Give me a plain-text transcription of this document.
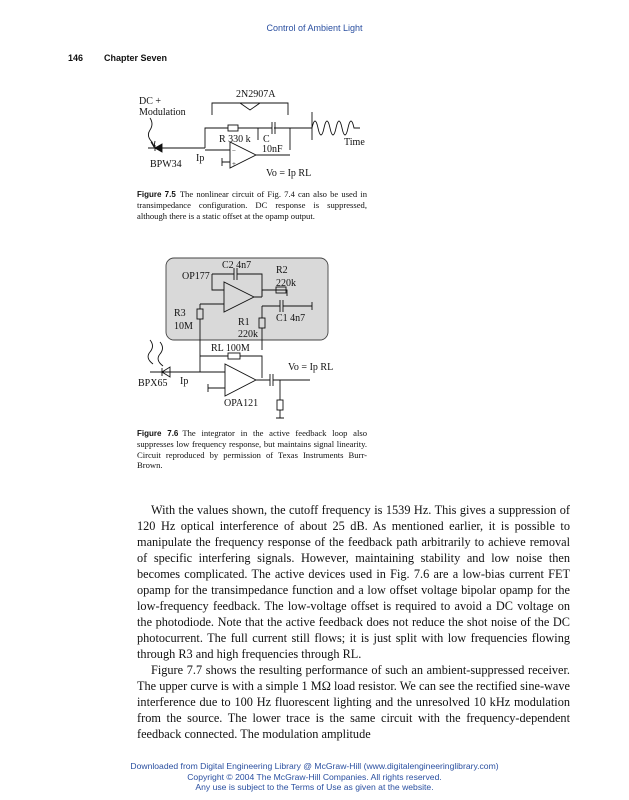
Control of Ambient Light
146 Chapter Seven
DC +
Modulation
BPW34
Ip
2N2907A
R 330 k C
10nF
−
+
Time
Vo = Ip RL
Figure 7.5 The nonlinear circuit of Fig. 7.4 can also be used in transimpedance configuration. DC response is suppressed, although there is a static offset at the opamp output.
C2 4n7
OP177
R2
220k
C1 4n7
R3
10M	R1
220k
RL 100M
BPX65 Ip
Vo = Ip RL
OPA121
Figure 7.6 The integrator in the active feedback loop also suppresses low frequency response, but maintains signal linearity. Circuit reproduced by permission of Texas Instruments Burr-Brown.

With the values shown, the cutoff frequency is 1539 Hz. This gives a suppression of 120 Hz optical interference of about 25 dB. As mentioned earlier, it is possible to manipulate the frequency response of the feedback path arbitrarily to achieve removal of specific interfering signals. However, maintaining stability and low noise then becomes complicated. The active devices used in Fig. 7.6 are a low-bias current FET opamp for the transimpedance function and a low offset voltage bipolar opamp for the low-frequency feedback. The low-voltage offset is required to avoid a DC voltage on the photodiode. Note that the active feedback does not reduce the shot noise of the DC photocurrent. The full current still flows; it is just split with low frequencies flowing through R3 and high frequencies through RL.

Figure 7.7 shows the resulting performance of such an ambient-suppressed receiver. The upper curve is with a simple 1 MΩ load resistor. We can see the rectified sine-wave interference due to 100 Hz fluorescent lighting and the unresolved 10 kHz modulation from the source. The lower trace is the same circuit with the frequency-dependent feedback connected. The modulation amplitude

Downloaded from Digital Engineering Library @ McGraw-Hill (www.digitalengineeringlibrary.com)
Copyright © 2004 The McGraw-Hill Companies. All rights reserved.
Any use is subject to the Terms of Use as given at the website.
